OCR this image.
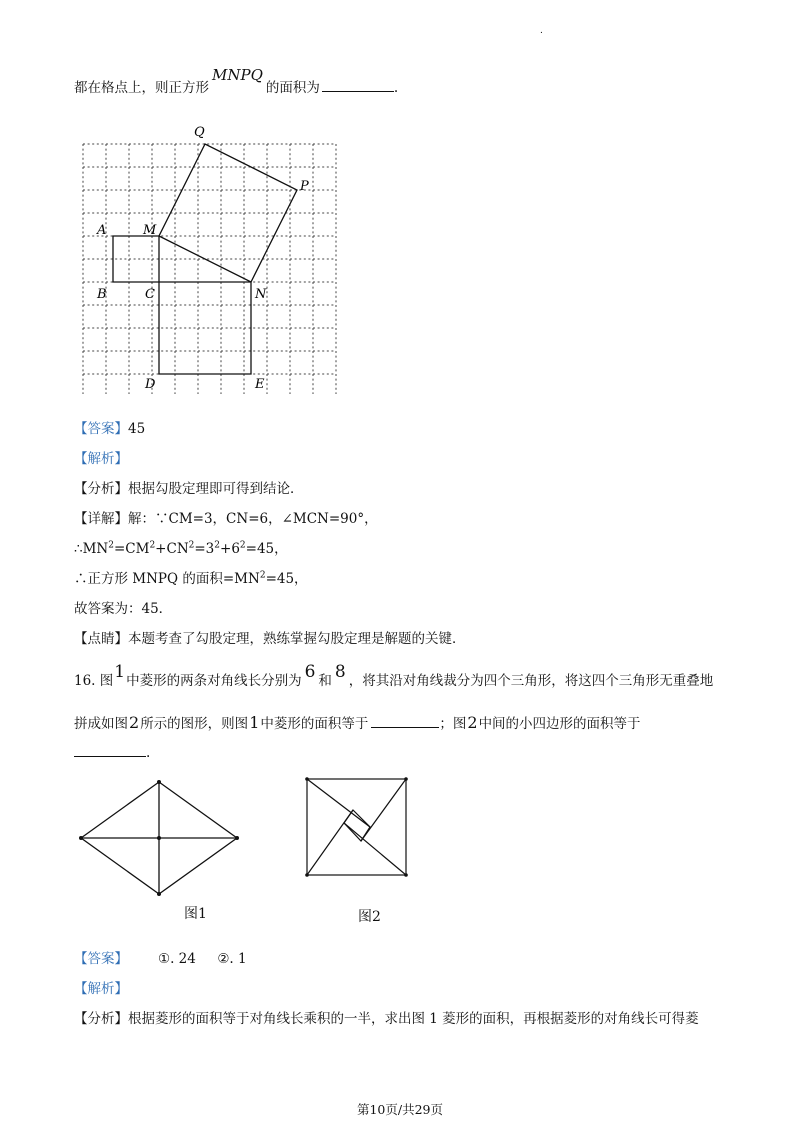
.
都在格点上，则正方形MNPQ的面积为	.
Q
P
A	M
B	C	N
D	E
【答案】45
【解析】
【分析】根据勾股定理即可得到结论．
【详解】解：∵CM=3，CN=6，∠MCN=90°，
$\therefore MN^2=CM^2+CN^2=3^2+6^2=45$，
∴正方形 MNPQ 的面积$=MN^2=45$，
故答案为：45．
【点睛】本题考查了勾股定理，熟练掌握勾股定理是解题的关键．
16. 图1中菱形的两条对角线长分别为 6 和 8 ，将其沿对角线裁分为四个三角形，将这四个三角形无重叠地
拼成如图2所示的图形，则图1中菱形的面积等于	；图2中间的小四边形的面积等于
.
图1	图2
【答案】 ①. 24     ②. 1
【解析】
【分析】根据菱形的面积等于对角线长乘积的一半，求出图 1 菱形的面积，再根据菱形的对角线长可得菱
第10页/共29页
